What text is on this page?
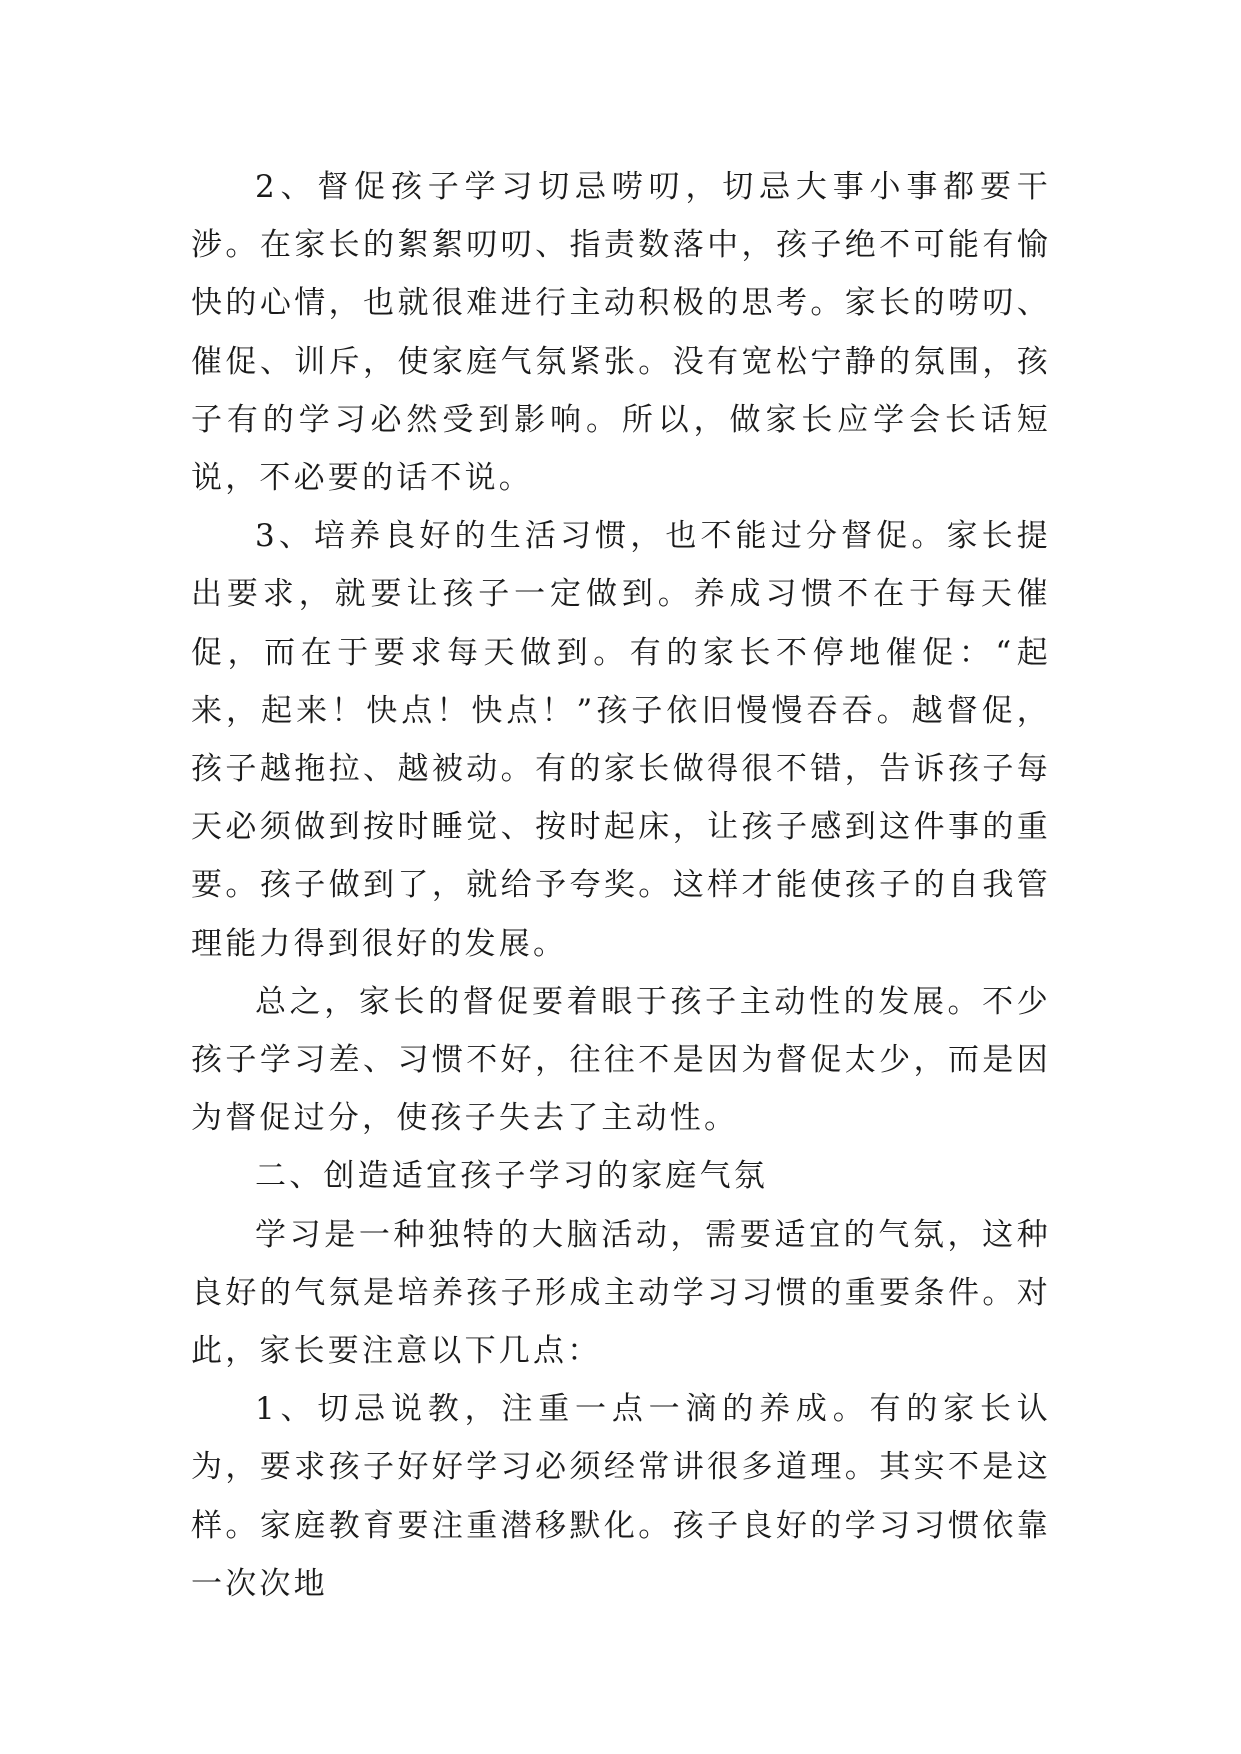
2、督促孩子学习切忌唠叨，切忌大事小事都要干涉。在家长的絮絮叨叨、指责数落中，孩子绝不可能有愉快的心情，也就很难进行主动积极的思考。家长的唠叨、催促、训斥，使家庭气氛紧张。没有宽松宁静的氛围，孩子有的学习必然受到影响。所以，做家长应学会长话短说，不必要的话不说。

3、培养良好的生活习惯，也不能过分督促。家长提出要求，就要让孩子一定做到。养成习惯不在于每天催促，而在于要求每天做到。有的家长不停地催促：“起来，起来！快点！快点！”孩子依旧慢慢吞吞。越督促，孩子越拖拉、越被动。有的家长做得很不错，告诉孩子每天必须做到按时睡觉、按时起床，让孩子感到这件事的重要。孩子做到了，就给予夸奖。这样才能使孩子的自我管理能力得到很好的发展。

总之，家长的督促要着眼于孩子主动性的发展。不少孩子学习差、习惯不好，往往不是因为督促太少，而是因为督促过分，使孩子失去了主动性。

二、创造适宜孩子学习的家庭气氛

学习是一种独特的大脑活动，需要适宜的气氛，这种良好的气氛是培养孩子形成主动学习习惯的重要条件。对此，家长要注意以下几点：

1、切忌说教，注重一点一滴的养成。有的家长认为，要求孩子好好学习必须经常讲很多道理。其实不是这样。家庭教育要注重潜移默化。孩子良好的学习习惯依靠一次次地
